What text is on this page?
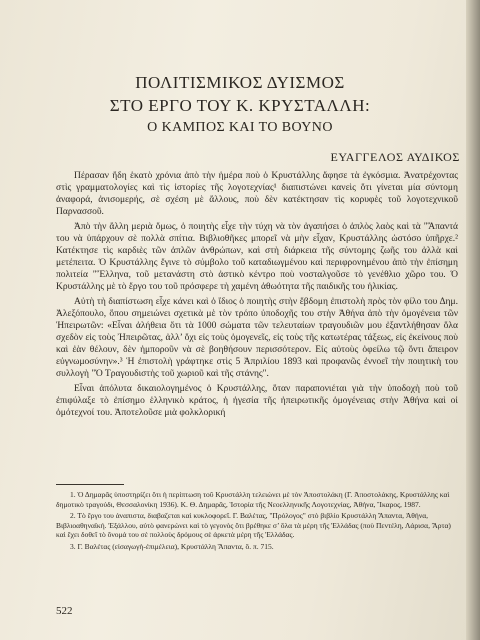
ΠΟΛΙΤΙΣΜΙΚΟΣ ΔΥΙΣΜΟΣ
ΣΤΟ ΕΡΓΟ ΤΟΥ Κ. ΚΡΥΣΤΑΛΛΗ:
Ο ΚΑΜΠΟΣ ΚΑΙ ΤΟ ΒΟΥΝΟ
ΕΥΑΓΓΕΛΟΣ ΑΥΔΙΚΟΣ

Πέρασαν ἤδη ἑκατὸ χρόνια ἀπὸ τὴν ἡμέρα ποὺ ὁ Κρυστάλλης ἄφησε τὰ ἐγκόσμια. Ἀνατρέχοντας στὶς γραμματολογίες καὶ τὶς ἱστορίες τῆς λογοτεχνίας¹ διαπιστώνει κανεὶς ὅτι γίνεται μία σύντομη ἀναφορά, ἀνισομερής, σὲ σχέση μὲ ἄλλους, ποὺ δὲν κατέκτησαν τὶς κορυφὲς τοῦ λογοτεχνικοῦ Παρνασσοῦ.

Ἀπὸ τὴν ἄλλη μεριὰ ὅμως, ὁ ποιητὴς εἶχε τὴν τύχη νὰ τὸν ἀγαπήσει ὁ ἁπλὸς λαὸς καὶ τὰ "Ἅπαντά του νὰ ὑπάρχουν σὲ πολλὰ σπίτια. Βιβλιοθῆκες μπορεῖ νὰ μὴν εἶχαν, Κρυστάλλης ὡστόσο ὑπῆρχε.² Κατέκτησε τὶς καρδιὲς τῶν ἁπλῶν ἀνθρώπων, καὶ στὴ διάρκεια τῆς σύντομης ζωῆς του ἀλλὰ καὶ μετέπειτα. Ὁ Κρυστάλλης ἔγινε τὸ σύμβολο τοῦ καταδιωγμένου καὶ περιφρονημένου ἀπὸ τὴν ἐπίσημη πολιτεία "Ἕλληνα, τοῦ μετανάστη στὸ ἀστικὸ κέντρο ποὺ νοσταλγοῦσε τὸ γενέθλιο χῶρο του. Ὁ Κρυστάλλης μὲ τὸ ἔργο του τοῦ πρόσφερε τὴ χαμένη ἀθωότητα τῆς παιδικῆς του ἡλικίας.

Αὐτὴ τὴ διαπίστωση εἶχε κάνει καὶ ὁ ἴδιος ὁ ποιητὴς στὴν ἕβδομη ἐπιστολὴ πρὸς τὸν φίλο του Δημ. Ἀλεξόπουλο, ὅπου σημειώνει σχετικὰ μὲ τὸν τρόπο ὑποδοχῆς του στὴν Ἀθήνα ἀπὸ τὴν ὁμογένεια τῶν Ἠπειρωτῶν: «Εἶναι ἀλήθεια ὅτι τὰ 1000 σώματα τῶν τελευταίων τραγουδιῶν μου ἐξαντλήθησαν ὅλα σχεδὸν εἰς τοὺς Ἠπειρῶτας, ἀλλ’ ὄχι εἰς τοὺς ὁμογενεῖς, εἰς τοὺς τῆς κατωτέρας τάξεως, εἰς ἐκείνους ποὺ καὶ ἐὰν θέλουν, δὲν ἠμποροῦν νὰ σὲ βοηθήσουν περισσότερον. Εἰς αὐτοὺς ὀφείλω τῷ ὄντι ἄπειρον εὐγνωμοσύνην».³ Ἡ ἐπιστολὴ γράφτηκε στὶς 5 Ἀπριλίου 1893 καὶ προφανῶς ἐννοεῖ τὴν ποιητικὴ του συλλογὴ "Ὁ Τραγουδιστὴς τοῦ χωριοῦ καὶ τῆς στάνης".

Εἶναι ἀπόλυτα δικαιολογημένος ὁ Κρυστάλλης, ὅταν παραπονιέται γιὰ τὴν ὑποδοχὴ ποὺ τοῦ ἐπιφύλαξε τὸ ἐπίσημο ἑλληνικὸ κράτος, ἡ ἡγεσία τῆς ἠπειρωτικῆς ὁμογένειας στὴν Ἀθήνα καὶ οἱ ὁμότεχνοί του. Ἀποτελοῦσε μιὰ φολκλορική

1. Ὁ Δημαρᾶς ὑποστηρίζει ὅτι ἡ περίπτωση τοῦ Κρυστάλλη τελειώνει μὲ τὸν Ἀποστολάκη (Γ. Ἀποστολάκης, Κρυστάλλης καὶ δημοτικὸ τραγούδι, Θεσσαλονίκη 1936). Κ. Θ. Δημαρᾶς, Ἱστορία τῆς Νεοελληνικῆς Λογοτεχνίας, Ἀθήνα, Ἴκαρος, 1987.

2. Τὸ ἔργο του ἀναπιστα, διαβαζεται καὶ κυκλοφορεῖ. Γ. Βαλέτας, "Πρόλογος" στὸ βιβλίο Κρυστάλλη Ἅπαντα, Ἀθήνα, Βιβλιοαθηναϊκή. Ἐξάλλου, αὐτὸ φανερώνει καὶ τὸ γεγονὸς ὅτι βρέθηκε σ’ ὅλα τὰ μέρη τῆς Ἑλλάδας (ποὺ Πεντέλη, Λάρισα, Ἄρτα) καὶ ἔχει δοθεῖ τὸ ὄνομά του σὲ πολλοὺς δρόμους σὲ ἀρκετὰ μέρη τῆς Ἑλλάδας.

3. Γ. Βαλέτας (εἰσαγωγὴ-ἐπιμέλεια), Κρυστάλλη Ἅπαντα, ὅ. π. 715.

522
